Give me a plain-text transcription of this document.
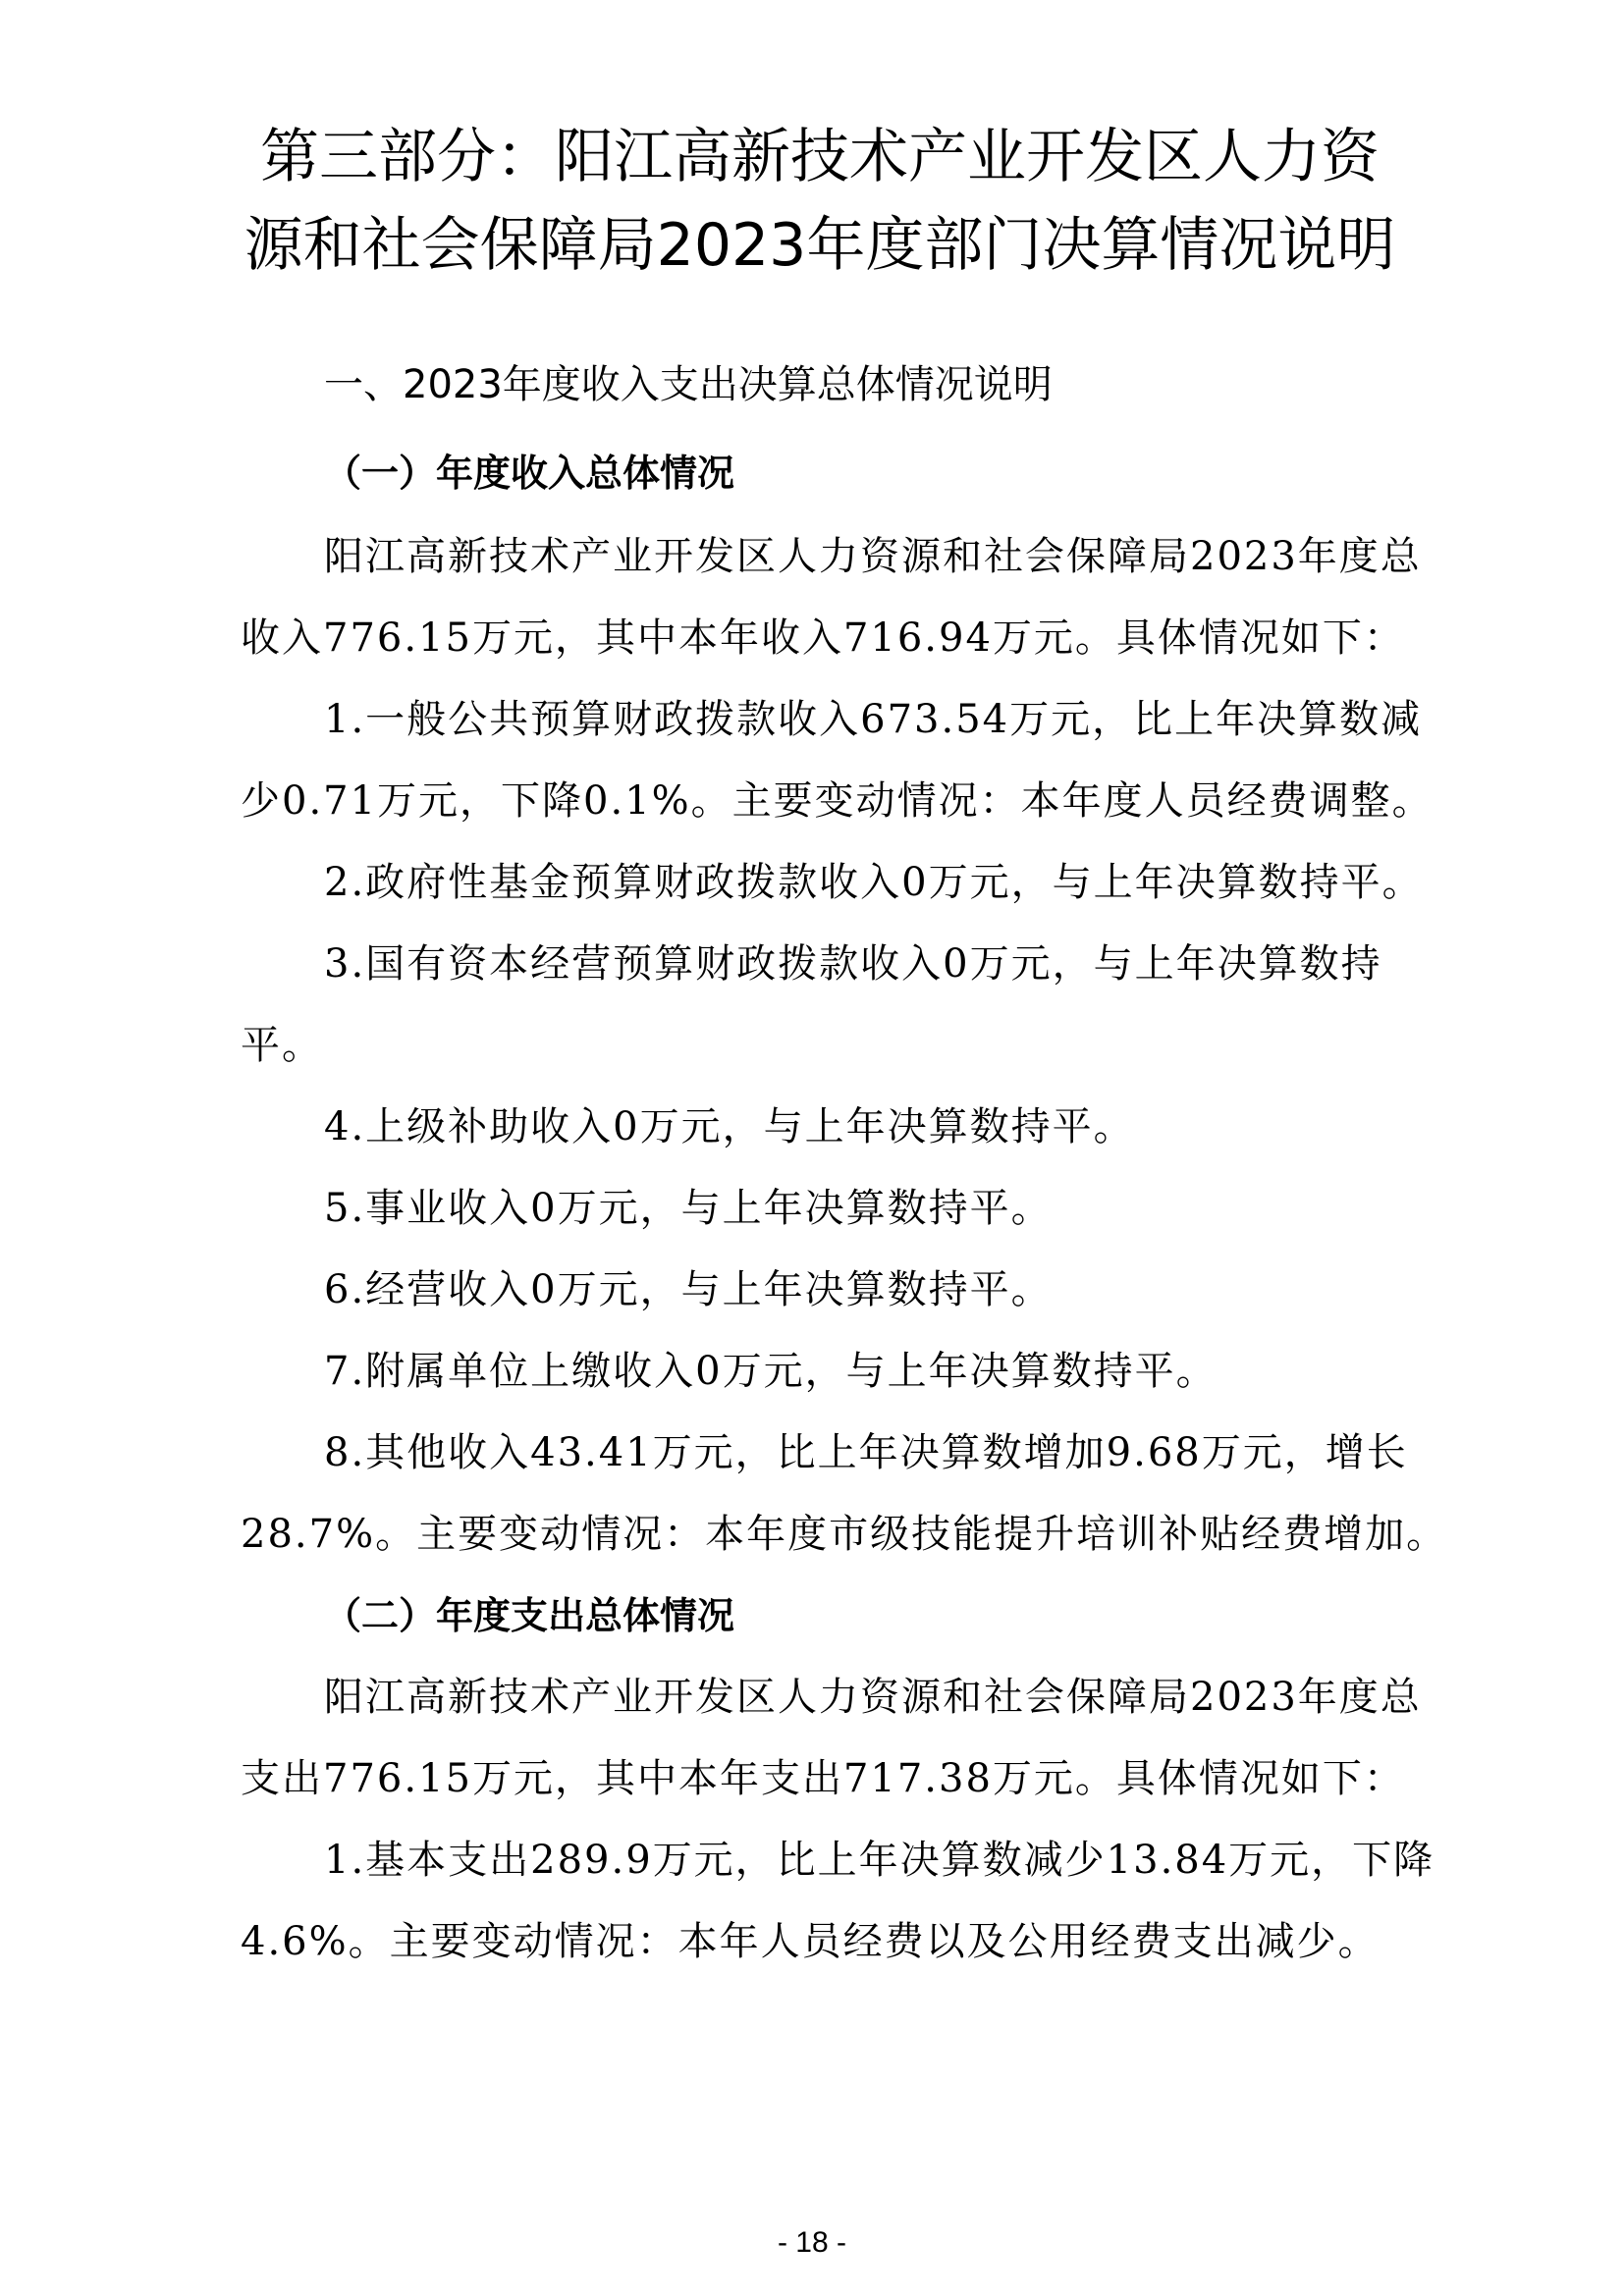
第三部分：阳江高新技术产业开发区人力资
源和社会保障局2023年度部门决算情况说明
一、2023年度收入支出决算总体情况说明
（一）年度收入总体情况
阳江高新技术产业开发区人力资源和社会保障局2023年度总
收入776.15万元，其中本年收入716.94万元。具体情况如下：
1.一般公共预算财政拨款收入673.54万元，比上年决算数减
少0.71万元，下降0.1%。主要变动情况：本年度人员经费调整。
2.政府性基金预算财政拨款收入0万元，与上年决算数持平。
3.国有资本经营预算财政拨款收入0万元，与上年决算数持
平。
4.上级补助收入0万元，与上年决算数持平。
5.事业收入0万元，与上年决算数持平。
6.经营收入0万元，与上年决算数持平。
7.附属单位上缴收入0万元，与上年决算数持平。
8.其他收入43.41万元，比上年决算数增加9.68万元，增长
28.7%。主要变动情况：本年度市级技能提升培训补贴经费增加。
（二）年度支出总体情况
阳江高新技术产业开发区人力资源和社会保障局2023年度总
支出776.15万元，其中本年支出717.38万元。具体情况如下：
1.基本支出289.9万元，比上年决算数减少13.84万元，下降
4.6%。主要变动情况：本年人员经费以及公用经费支出减少。
- 18 -
